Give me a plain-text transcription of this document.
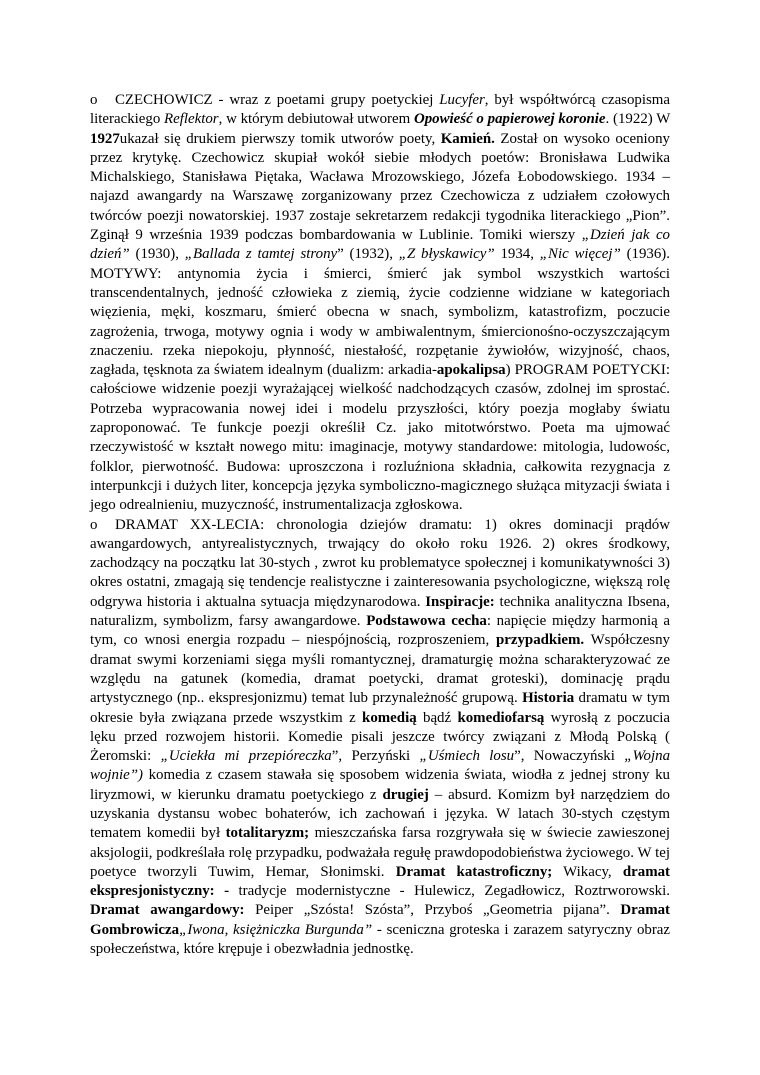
o CZECHOWICZ - wraz z poetami grupy poetyckiej Lucyfer, był współtwórcą czasopisma literackiego Reflektor, w którym debiutował utworem Opowieść o papierowej koronie. (1922) W 1927ukazał się drukiem pierwszy tomik utworów poety, Kamień. Został on wysoko oceniony przez krytykę. Czechowicz skupiał wokół siebie młodych poetów: Bronisława Ludwika Michalskiego, Stanisława Piętaka, Wacława Mrozowskiego, Józefa Łobodowskiego. 1934 – najazd awangardy na Warszawę zorganizowany przez Czechowicza z udziałem czołowych twórców poezji nowatorskiej. 1937 zostaje sekretarzem redakcji tygodnika literackiego „Pion”. Zginął 9 września 1939 podczas bombardowania w Lublinie. Tomiki wierszy „Dzień jak co dzień” (1930), „Ballada z tamtej strony” (1932), „Z błyskawicy” 1934, „Nic więcej” (1936). MOTYWY: antynomia życia i śmierci, śmierć jak symbol wszystkich wartości transcendentalnych, jedność człowieka z ziemią, życie codzienne widziane w kategoriach więzienia, męki, koszmaru, śmierć obecna w snach, symbolizm, katastrofizm, poczucie zagrożenia, trwoga, motywy ognia i wody w ambiwalentnym, śmiercionośno-oczyszczającym znaczeniu. rzeka niepokoju, płynność, niestałość, rozpętanie żywiołów, wizyjność, chaos, zagłada, tęsknota za światem idealnym (dualizm: arkadia-apokalipsa) PROGRAM POETYCKI: całościowe widzenie poezji wyrażającej wielkość nadchodzących czasów, zdolnej im sprostać. Potrzeba wypracowania nowej idei i modelu przyszłości, który poezja mogłaby światu zaproponować. Te funkcje poezji określił Cz. jako mitotwórstwo. Poeta ma ujmować rzeczywistość w kształt nowego mitu: imaginacje, motywy standardowe: mitologia, ludowośc, folklor, pierwotność. Budowa: uproszczona i rozluźniona składnia, całkowita rezygnacja z interpunkcji i dużych liter, koncepcja języka symboliczno-magicznego służąca mityzacji świata i jego odrealnieniu, muzyczność, instrumentalizacja zgłoskowa.

o DRAMAT XX-LECIA: chronologia dziejów dramatu: 1) okres dominacji prądów awangardowych, antyrealistycznych, trwający do około roku 1926. 2) okres środkowy, zachodzący na początku lat 30-stych , zwrot ku problematyce społecznej i komunikatywności 3) okres ostatni, zmagają się tendencje realistyczne i zainteresowania psychologiczne, większą rolę odgrywa historia i aktualna sytuacja międzynarodowa. Inspiracje: technika analityczna Ibsena, naturalizm, symbolizm, farsy awangardowe. Podstawowa cecha: napięcie między harmonią a tym, co wnosi energia rozpadu – niespójnością, rozproszeniem, przypadkiem. Współczesny dramat swymi korzeniami sięga myśli romantycznej, dramaturgię można scharakteryzować ze względu na gatunek (komedia, dramat poetycki, dramat groteski), dominację prądu artystycznego (np.. ekspresjonizmu) temat lub przynależność grupową. Historia dramatu w tym okresie była związana przede wszystkim z komedią bądź komediofarsą wyrosłą z poczucia lęku przed rozwojem historii. Komedie pisali jeszcze twórcy związani z Młodą Polską ( Żeromski: „Uciekła mi przepióreczka”, Perzyński „Uśmiech losu”, Nowaczyński „Wojna wojnie”) komedia z czasem stawała się sposobem widzenia świata, wiodła z jednej strony ku liryzmowi, w kierunku dramatu poetyckiego z drugiej – absurd. Komizm był narzędziem do uzyskania dystansu wobec bohaterów, ich zachowań i języka. W latach 30-stych częstym tematem komedii był totalitaryzm; mieszczańska farsa rozgrywała się w świecie zawieszonej aksjologii, podkreślała rolę przypadku, podważała regułę prawdopodobieństwa życiowego. W tej poetyce tworzyli Tuwim, Hemar, Słonimski. Dramat katastroficzny; Wikacy, dramat ekspresjonistyczny: - tradycje modernistyczne - Hulewicz, Zegadłowicz, Roztrworowski. Dramat awangardowy: Peiper „Szósta! Szósta”, Przyboś „Geometria pijana”. Dramat Gombrowicza„Iwona, księżniczka Burgunda” - sceniczna groteska i zarazem satyryczny obraz społeczeństwa, które krępuje i obezwładnia jednostkę.
